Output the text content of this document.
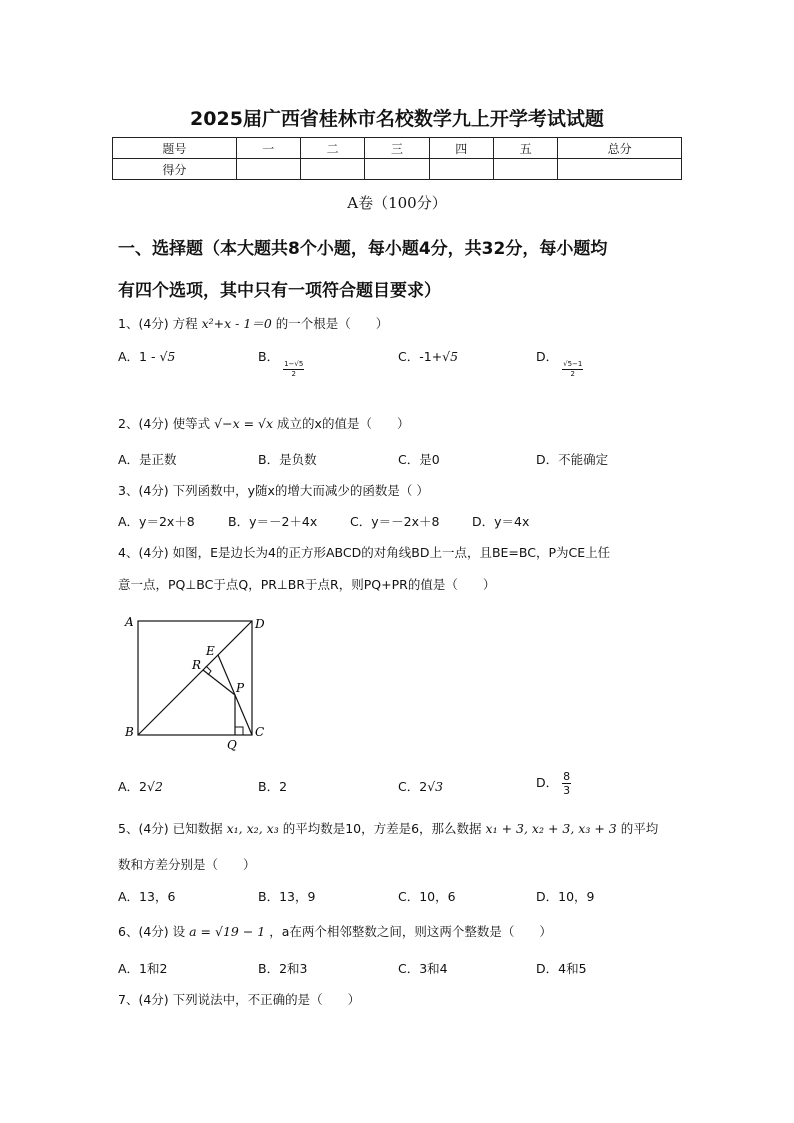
2025届广西省桂林市名校数学九上开学考试试题
题号	一	二	三	四	五	总分
得分						
A卷（100分）
一、选择题（本大题共8个小题，每小题4分，共32分，每小题均
有四个选项，其中只有一项符合题目要求）
1、(4分) 方程 x²+x - 1＝0 的一个根是（　　）
A．1 - √5	B．
$\frac{1-√5}{2}$
C．‑1+√5	D．
$\frac{√5-1}{2}$
2、(4分) 使等式 √−x = √x 成立的x的值是（　　）
A．是正数	B．是负数	C．是0	D．不能确定
3、(4分) 下列函数中，y随x的增大而减少的函数是（ ）
A．y＝2x＋8	B．y＝－2＋4x	C．y＝－2x＋8	D．y＝4x
4、(4分) 如图，E是边长为4的正方形ABCD的对角线BD上一点，且BE=BC，P为CE上任
意一点，PQ⊥BC于点Q，PR⊥BR于点R，则PQ+PR的值是（　　）
A	D
B	C
E
R
P
Q
A．2√2	B．2	C．2√3	D． $\frac{8}{3}$
5、(4分) 已知数据 x₁, x₂, x₃ 的平均数是10，方差是6，那么数据 x₁ + 3, x₂ + 3, x₃ + 3 的平均
数和方差分别是（　　）
A．13，6	B．13，9	C．10，6	D．10，9
6、(4分) 设 a = √19 − 1 ，a在两个相邻整数之间，则这两个整数是（　　）
A．1和2	B．2和3	C．3和4	D．4和5
7、(4分) 下列说法中，不正确的是（　　）
